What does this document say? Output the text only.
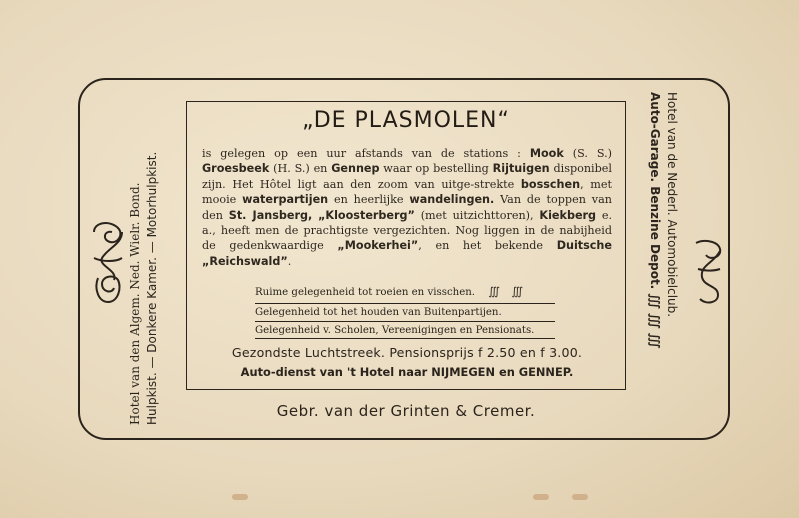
„DE PLASMOLEN“
is gelegen op een uur afstands van de stations : Mook (S. S.) Groesbeek (H. S.) en Gennep waar op bestelling Rijtuigen disponibel zijn. Het Hôtel ligt aan den zoom van uitge-strekte bosschen, met mooie waterpartijen en heerlijke wandelingen. Van de toppen van den St. Jansberg, „Kloosterberg” (met uitzichttoren), Kiekberg e. a., heeft men de prachtigste vergezichten. Nog liggen in de nabijheid de gedenkwaardige „Mookerhei”, en het bekende Duitsche „Reichswald”.
Ruime gelegenheid tot roeien en visschen. ∭ ∭
Gelegenheid tot het houden van Buitenpartijen.
Gelegenheid v. Scholen, Vereenigingen en Pensionats.
Gezondste Luchtstreek. Pensionsprijs f 2.50 en f 3.00.
Auto-dienst van 't Hotel naar NIJMEGEN en GENNEP.
Gebr. van der Grinten & Cremer.
Hotel van den Algem. Ned. Wielr. Bond. Hulpkist. — Donkere Kamer. — Motorhulpkist.	Hotel van de Nederl. Automobielclub.
Auto-Garage. Benzine Depot. ∭ ∭ ∭
